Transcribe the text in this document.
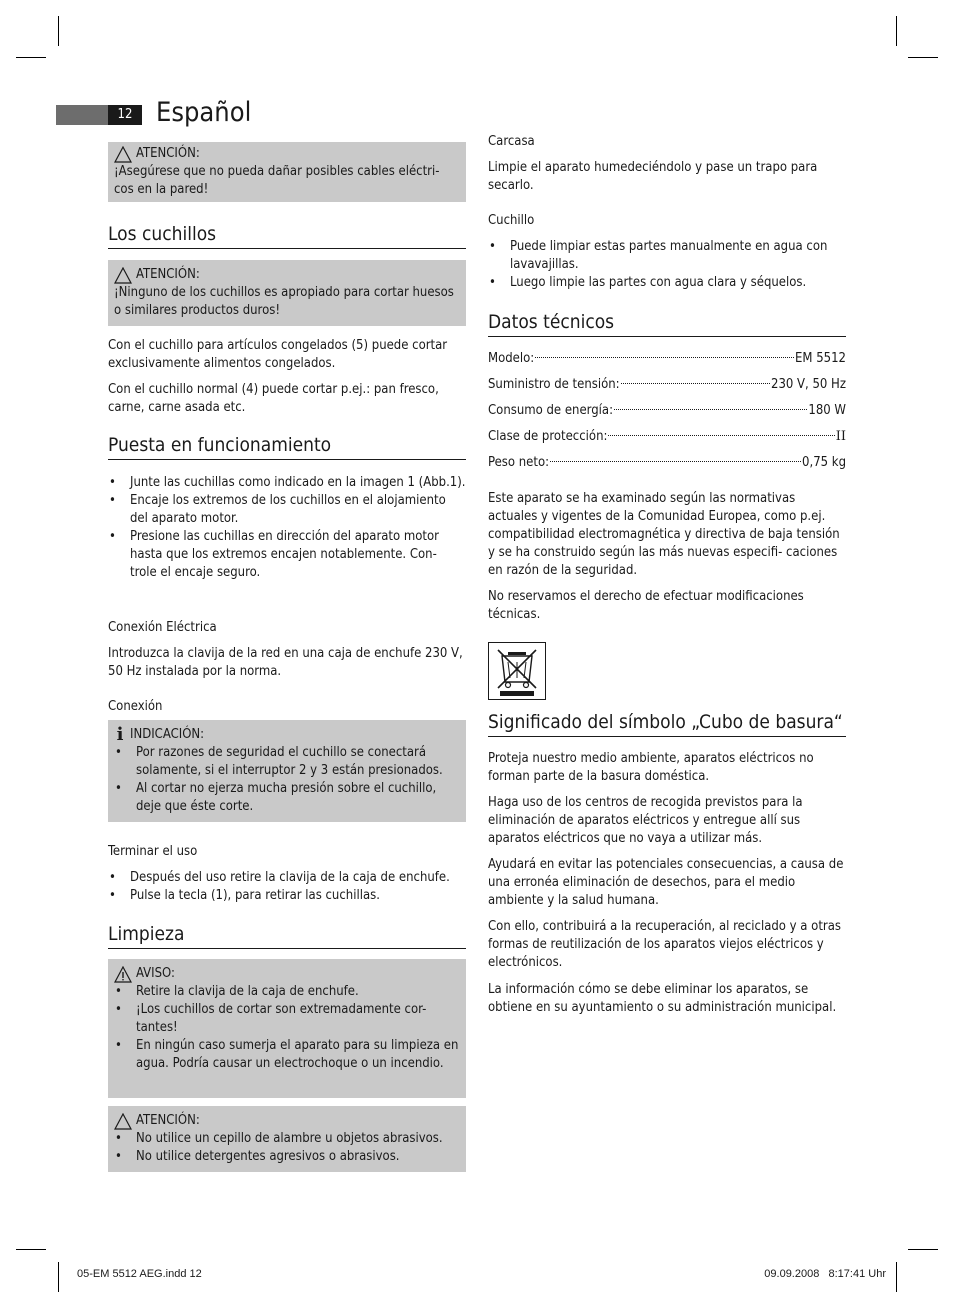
12 Español
ATENCIÓN:

¡Asegúrese que no pueda dañar posibles cables eléctri- cos en la pared!

Los cuchillos
ATENCIÓN:

¡Ninguno de los cuchillos es apropiado para cortar huesos o similares productos duros!

Con el cuchillo para artículos congelados (5) puede cortar exclusivamente alimentos congelados.

Con el cuchillo normal (4) puede cortar p.ej.: pan fresco, carne, carne asada etc.

Puesta en funcionamiento
• Junte las cuchillas como indicado en la imagen 1 (Abb.1).
• Encaje los extremos de los cuchillos en el alojamiento del aparato motor.
• Presione las cuchillas en dirección del aparato motor hasta que los extremos encajen notablemente. Con- trole el encaje seguro.

Conexión Eléctrica

Introduzca la clavija de la red en una caja de enchufe 230 V, 50 Hz instalada por la norma.

Conexión

i INDICACIÓN:
• Por razones de seguridad el cuchillo se conectará solamente, si el interruptor 2 y 3 están presionados.
• Al cortar no ejerza mucha presión sobre el cuchillo, deje que éste corte.

Terminar el uso

• Después del uso retire la clavija de la caja de enchufe.
• Pulse la tecla (1), para retirar las cuchillas.
Limpieza
AVISO:
• Retire la clavija de la caja de enchufe.
• ¡Los cuchillos de cortar son extremadamente cor- tantes!
• En ningún caso sumerja el aparato para su limpieza en agua. Podría causar un electrochoque o un incendio.
ATENCIÓN:
• No utilice un cepillo de alambre u objetos abrasivos.
• No utilice detergentes agresivos o abrasivos.

Carcasa

Limpie el aparato humedeciéndolo y pase un trapo para secarlo.

Cuchillo

• Puede limpiar estas partes manualmente en agua con lavavajillas.
• Luego limpie las partes con agua clara y séquelos.
Datos técnicos
Modelo:	EM 5512
Suministro de tensión:	230 V, 50 Hz
Consumo de energía:	180 W
Clase de protección:	II
Peso neto:	0,75 kg

Este aparato se ha examinado según las normativas actuales y vigentes de la Comunidad Europea, como p.ej. compatibilidad electromagnética y directiva de baja tensión y se ha construido según las más nuevas especifi- caciones en razón de la seguridad.

No reservamos el derecho de efectuar modificaciones técnicas.

Significado del símbolo „Cubo de basura“

Proteja nuestro medio ambiente, aparatos eléctricos no forman parte de la basura doméstica.

Haga uso de los centros de recogida previstos para la eliminación de aparatos eléctricos y entregue allí sus aparatos eléctricos que no vaya a utilizar más.

Ayudará en evitar las potenciales consecuencias, a causa de una erronéa eliminación de desechos, para el medio ambiente y la salud humana.

Con ello, contribuirá a la recuperación, al reciclado y a otras formas de reutilización de los aparatos viejos eléctricos y electrónicos.

La información cómo se debe eliminar los aparatos, se obtiene en su ayuntamiento o su administración municipal.

05-EM 5512 AEG.indd 12	09.09.2008   8:17:41 Uhr
